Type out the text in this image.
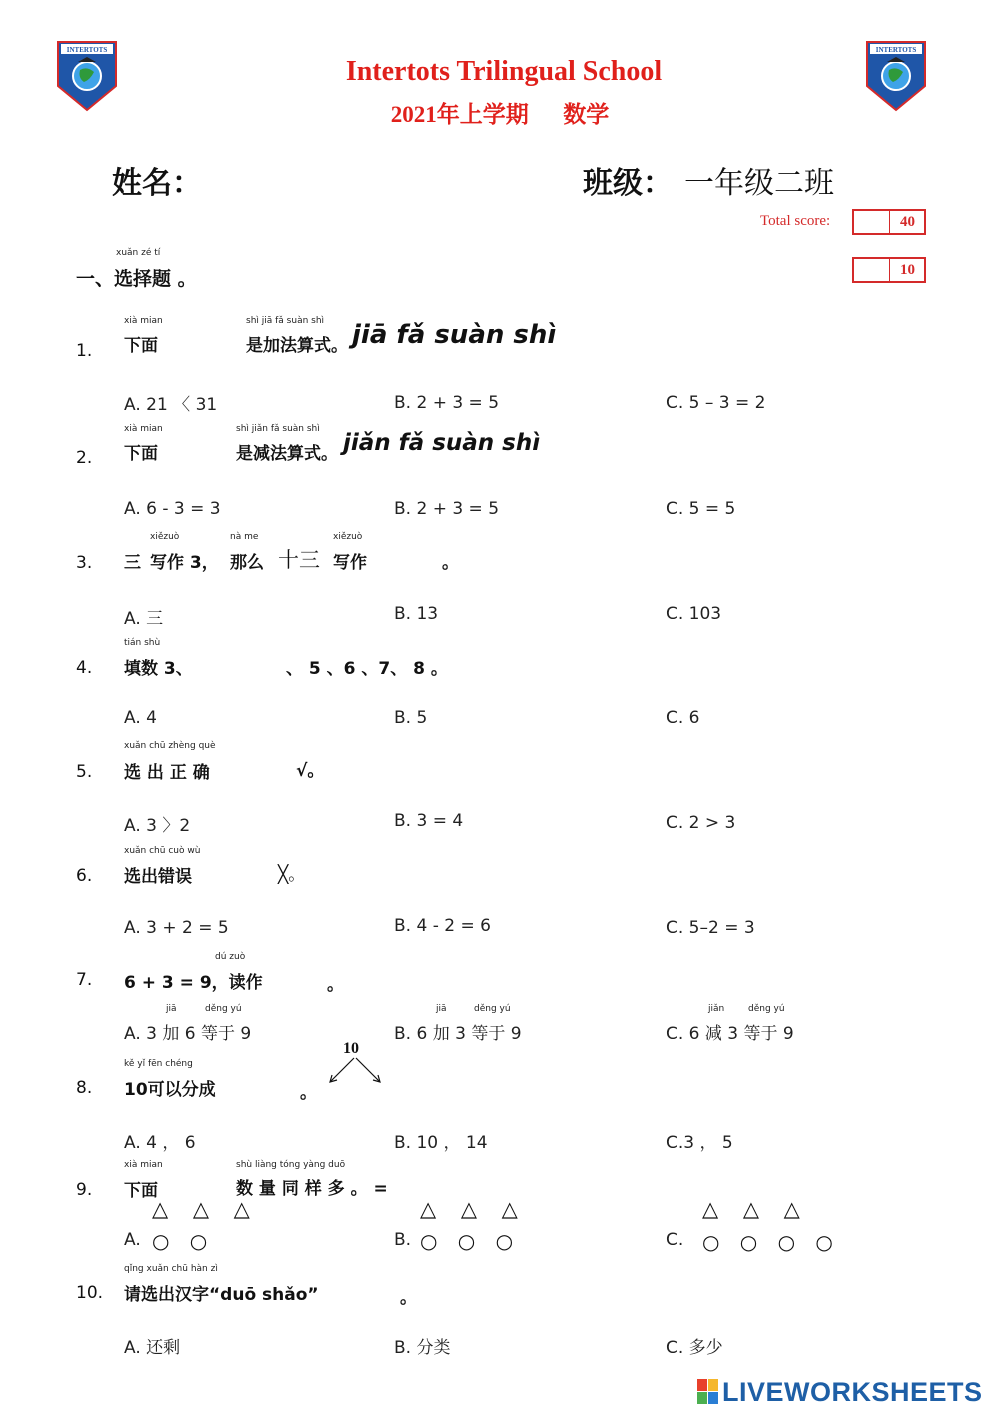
INTERTOTS	INTERTOTS
Intertots Trilingual School
2021年上学期      数学
姓名：	班级： 一年级二班
Total score:	40
10
xuǎn zé tí
一、选择题 。
1.
xià mian
下面
shì jiā fǎ suàn shì
是加法算式。 jiā fǎ suàn shì
A. 21 〈 31	B. 2 + 3 = 5	C. 5 – 3 = 2
2.
xià mian
下面
shì jiǎn fǎ suàn shì
是减法算式。 jiǎn fǎ suàn shì
A. 6 - 3 = 3	B. 2 + 3 = 5	C. 5 = 5
3. 三
xiězuò
写作 3，
nà me
那么 十三
xiězuò
写作	。
A. 三	B. 13	C. 103
4.
tián shù
填数 3、	、 5 、6 、7、 8 。
A. 4	B. 5	C. 6
5.
xuǎn chū zhèng què
选 出 正 确	√。
A. 3 〉2	B. 3 = 4	C. 2 > 3
6.
xuǎn chū cuò wù
选出错误	╳。
A. 3 + 2 = 5	B. 4 - 2 = 6	C. 5–2 = 3
7.
dú zuò
6 + 3 = 9，读作	。
jiā	děng yú
A. 3 加 6 等于 9
jiā	děng yú
B. 6 加 3 等于 9
jiǎn	děng yú
C. 6 减 3 等于 9
8.
kě yǐ fēn chéng
10可以分成	。
10
A. 4 ， 6	B. 10 ， 14	C.3 ， 5
9.
xià mian
下面
shù liàng tóng yàng duō
数 量 同 样 多 。 =
△ △ △	△ △ △	△ △ △
A. ○ ○	B. ○ ○ ○	C. ○ ○ ○ ○
10.
qǐng xuǎn chū hàn zì
请选出汉字“duō shǎo”	。
A. 还剩	B. 分类	C. 多少
LIVEWORKSHEETS
